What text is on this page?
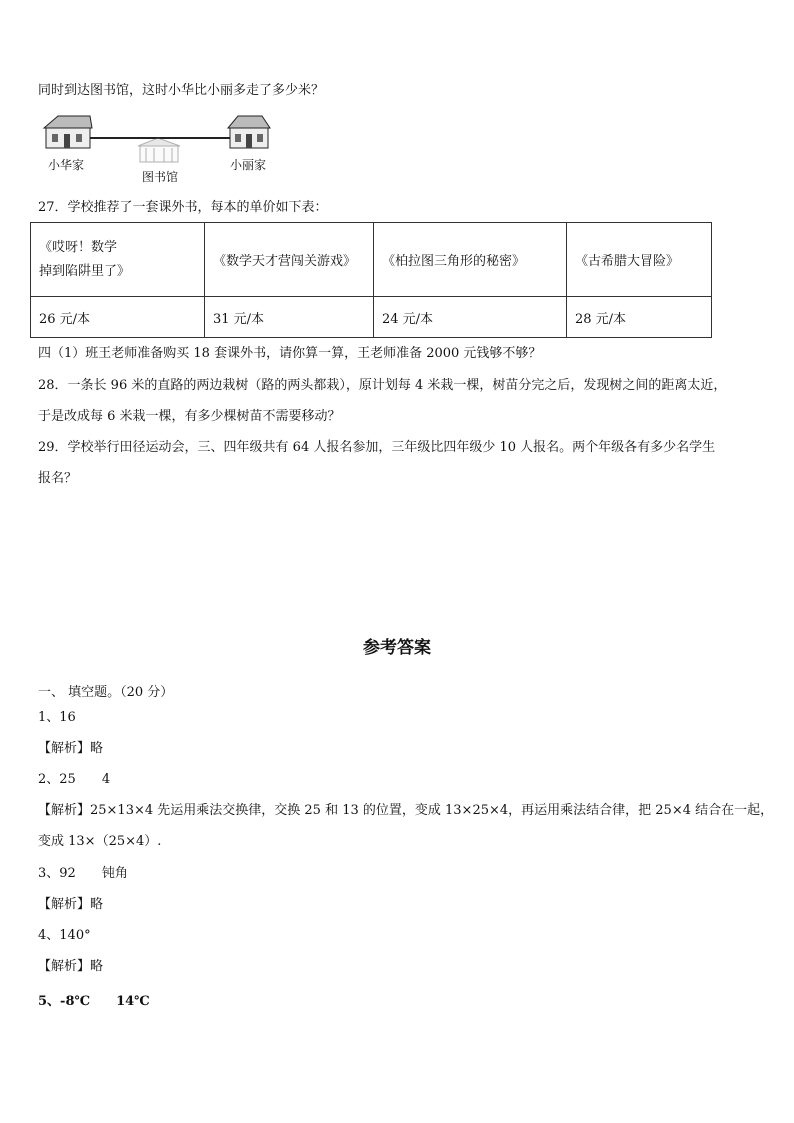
同时到达图书馆，这时小华比小丽多走了多少米？
小华家
图书馆
小丽家
27．学校推荐了一套课外书，每本的单价如下表：
《哎呀！数学
掉到陷阱里了》	《数学天才营闯关游戏》	《柏拉图三角形的秘密》	《古希腊大冒险》
26 元/本	31 元/本	24 元/本	28 元/本
四（1）班王老师准备购买 18 套课外书，请你算一算，王老师准备 2000 元钱够不够？
28．一条长 96 米的直路的两边栽树（路的两头都栽），原计划每 4 米栽一棵，树苗分完之后，发现树之间的距离太近，
于是改成每 6 米栽一棵，有多少棵树苗不需要移动？
29．学校举行田径运动会，三、四年级共有 64 人报名参加，三年级比四年级少 10 人报名。两个年级各有多少名学生
报名？
参考答案
一、 填空题。（20 分）
1、16
【解析】略
2、25　　4
【解析】25×13×4 先运用乘法交换律，交换 25 和 13 的位置，变成 13×25×4，再运用乘法结合律，把 25×4 结合在一起，
变成 13×（25×4）.
3、92　　钝角
【解析】略
4、140°
【解析】略
5、-8℃　　14℃
